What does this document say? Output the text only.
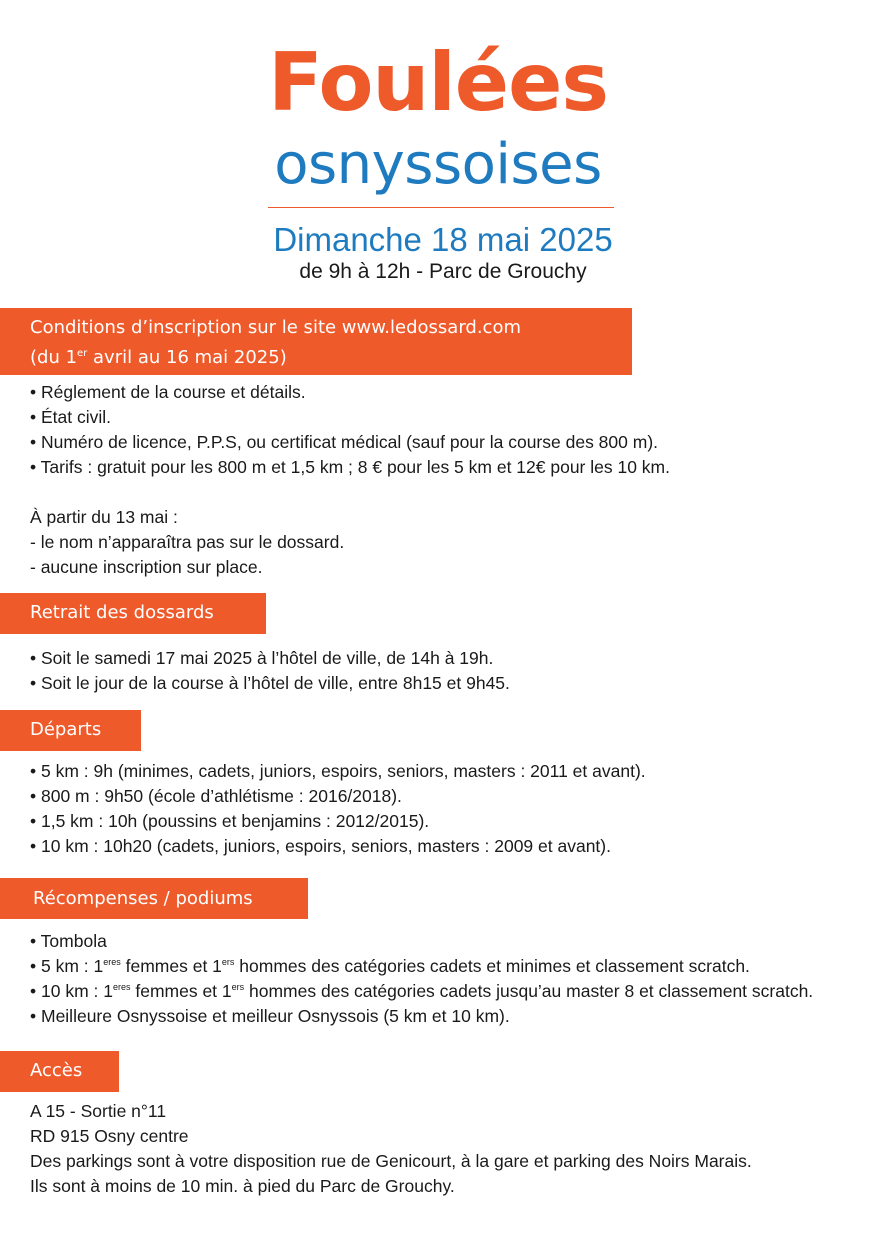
Foulées
osnyssoises
Dimanche 18 mai 2025
de 9h à 12h - Parc de Grouchy
Conditions d’inscription sur le site www.ledossard.com
(du 1er avril au 16 mai 2025)
• Réglement de la course et détails.
• État civil.
• Numéro de licence, P.P.S, ou certificat médical (sauf pour la course des 800 m).
• Tarifs : gratuit pour les 800 m et 1,5 km ; 8 € pour les 5 km et 12€ pour les 10 km.
À partir du 13 mai :
- le nom n’apparaîtra pas sur le dossard.
- aucune inscription sur place.
Retrait des dossards
• Soit le samedi 17 mai 2025 à l’hôtel de ville, de 14h à 19h.
• Soit le jour de la course à l’hôtel de ville, entre 8h15 et 9h45.
Départs
• 5 km : 9h (minimes, cadets, juniors, espoirs, seniors, masters : 2011 et avant).
• 800 m : 9h50 (école d’athlétisme : 2016/2018).
• 1,5 km : 10h (poussins et benjamins : 2012/2015).
• 10 km : 10h20 (cadets, juniors, espoirs, seniors, masters : 2009 et avant).
Récompenses / podiums
• Tombola
• 5 km : $1^{eres}$ femmes et 1ers hommes des catégories cadets et minimes et classement scratch.
• 10 km : $1^{eres}$ femmes et 1ers hommes des catégories cadets jusqu’au master 8 et classement scratch.
• Meilleure Osnyssoise et meilleur Osnyssois (5 km et 10 km).
Accès
A 15 - Sortie n°11
RD 915 Osny centre
Des parkings sont à votre disposition rue de Genicourt, à la gare et parking des Noirs Marais.
Ils sont à moins de 10 min. à pied du Parc de Grouchy.
